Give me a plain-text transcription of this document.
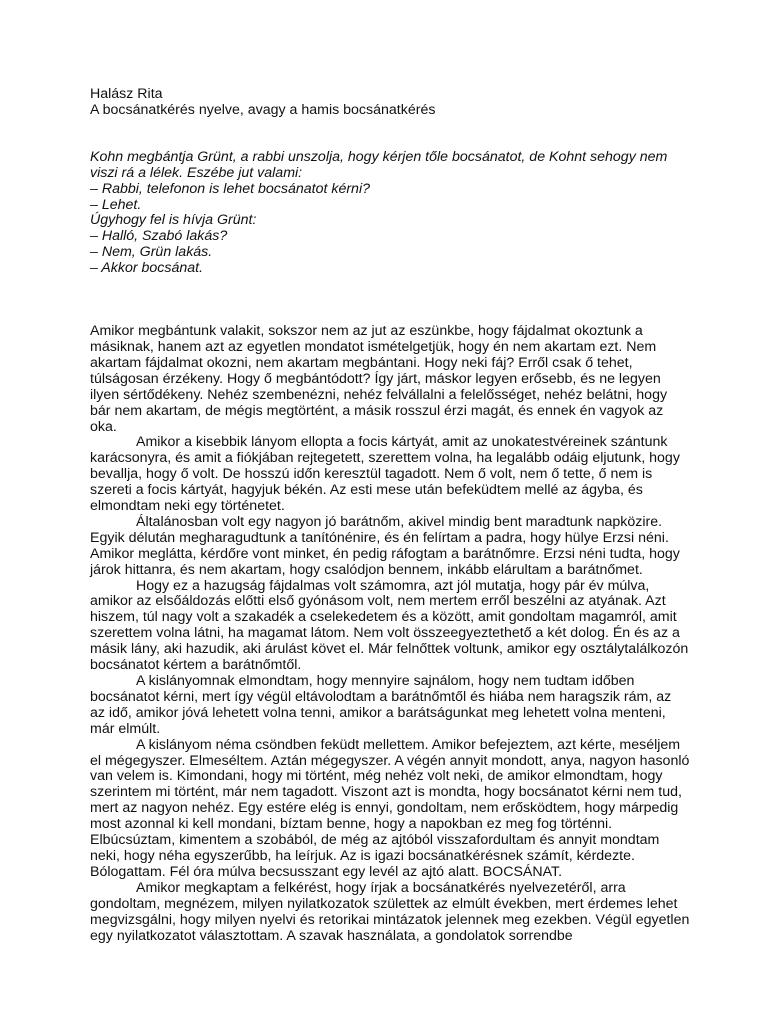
Halász Rita
A bocsánatkérés nyelve, avagy a hamis bocsánatkérés
Kohn megbántja Grünt, a rabbi unszolja, hogy kérjen tőle bocsánatot, de Kohnt sehogy nem viszi rá a lélek. Eszébe jut valami:
– Rabbi, telefonon is lehet bocsánatot kérni?
– Lehet.
Úgyhogy fel is hívja Grünt:
– Halló, Szabó lakás?
– Nem, Grün lakás.
– Akkor bocsánat.

Amikor megbántunk valakit, sokszor nem az jut az eszünkbe, hogy fájdalmat okoztunk a másiknak, hanem azt az egyetlen mondatot ismételgetjük, hogy én nem akartam ezt. Nem akartam fájdalmat okozni, nem akartam megbántani. Hogy neki fáj? Erről csak ő tehet, túlságosan érzékeny. Hogy ő megbántódott? Így járt, máskor legyen erősebb, és ne legyen ilyen sértődékeny. Nehéz szembenézni, nehéz felvállalni a felelősséget, nehéz belátni, hogy bár nem akartam, de mégis megtörtént, a másik rosszul érzi magát, és ennek én vagyok az oka.

Amikor a kisebbik lányom ellopta a focis kártyát, amit az unokatestvéreinek szántunk karácsonyra, és amit a fiókjában rejtegetett, szerettem volna, ha legalább odáig eljutunk, hogy bevallja, hogy ő volt. De hosszú időn keresztül tagadott. Nem ő volt, nem ő tette, ő nem is szereti a focis kártyát, hagyjuk békén. Az esti mese után befeküdtem mellé az ágyba, és elmondtam neki egy történetet.

Általánosban volt egy nagyon jó barátnőm, akivel mindig bent maradtunk napközire. Egyik délután megharagudtunk a tanítónénire, és én felírtam a padra, hogy hülye Erzsi néni. Amikor meglátta, kérdőre vont minket, én pedig ráfogtam a barátnőmre. Erzsi néni tudta, hogy járok hittanra, és nem akartam, hogy csalódjon bennem, inkább elárultam a barátnőmet.

Hogy ez a hazugság fájdalmas volt számomra, azt jól mutatja, hogy pár év múlva, amikor az elsőáldozás előtti első gyónásom volt, nem mertem erről beszélni az atyának. Azt hiszem, túl nagy volt a szakadék a cselekedetem és a között, amit gondoltam magamról, amit szerettem volna látni, ha magamat látom. Nem volt összeegyeztethető a két dolog. Én és az a másik lány, aki hazudik, aki árulást követ el. Már felnőttek voltunk, amikor egy osztálytalálkozón bocsánatot kértem a barátnőmtől.

A kislányomnak elmondtam, hogy mennyire sajnálom, hogy nem tudtam időben bocsánatot kérni, mert így végül eltávolodtam a barátnőmtől és hiába nem haragszik rám, az az idő, amikor jóvá lehetett volna tenni, amikor a barátságunkat meg lehetett volna menteni, már elmúlt.

A kislányom néma csöndben feküdt mellettem. Amikor befejeztem, azt kérte, meséljem el mégegyszer. Elmeséltem. Aztán mégegyszer. A végén annyit mondott, anya, nagyon hasonló van velem is. Kimondani, hogy mi történt, még nehéz volt neki, de amikor elmondtam, hogy szerintem mi történt, már nem tagadott. Viszont azt is mondta, hogy bocsánatot kérni nem tud, mert az nagyon nehéz. Egy estére elég is ennyi, gondoltam, nem erősködtem, hogy márpedig most azonnal ki kell mondani, bíztam benne, hogy a napokban ez meg fog történni. Elbúcsúztam, kimentem a szobából, de még az ajtóból visszafordultam és annyit mondtam neki, hogy néha egyszerűbb, ha leírjuk. Az is igazi bocsánatkérésnek számít, kérdezte. Bólogattam. Fél óra múlva becsusszant egy levél az ajtó alatt. BOCSÁNAT.

Amikor megkaptam a felkérést, hogy írjak a bocsánatkérés nyelvezetéről, arra gondoltam, megnézem, milyen nyilatkozatok születtek az elmúlt években, mert érdemes lehet megvizsgálni, hogy milyen nyelvi és retorikai mintázatok jelennek meg ezekben. Végül egyetlen egy nyilatkozatot választottam. A szavak használata, a gondolatok sorrendbe
